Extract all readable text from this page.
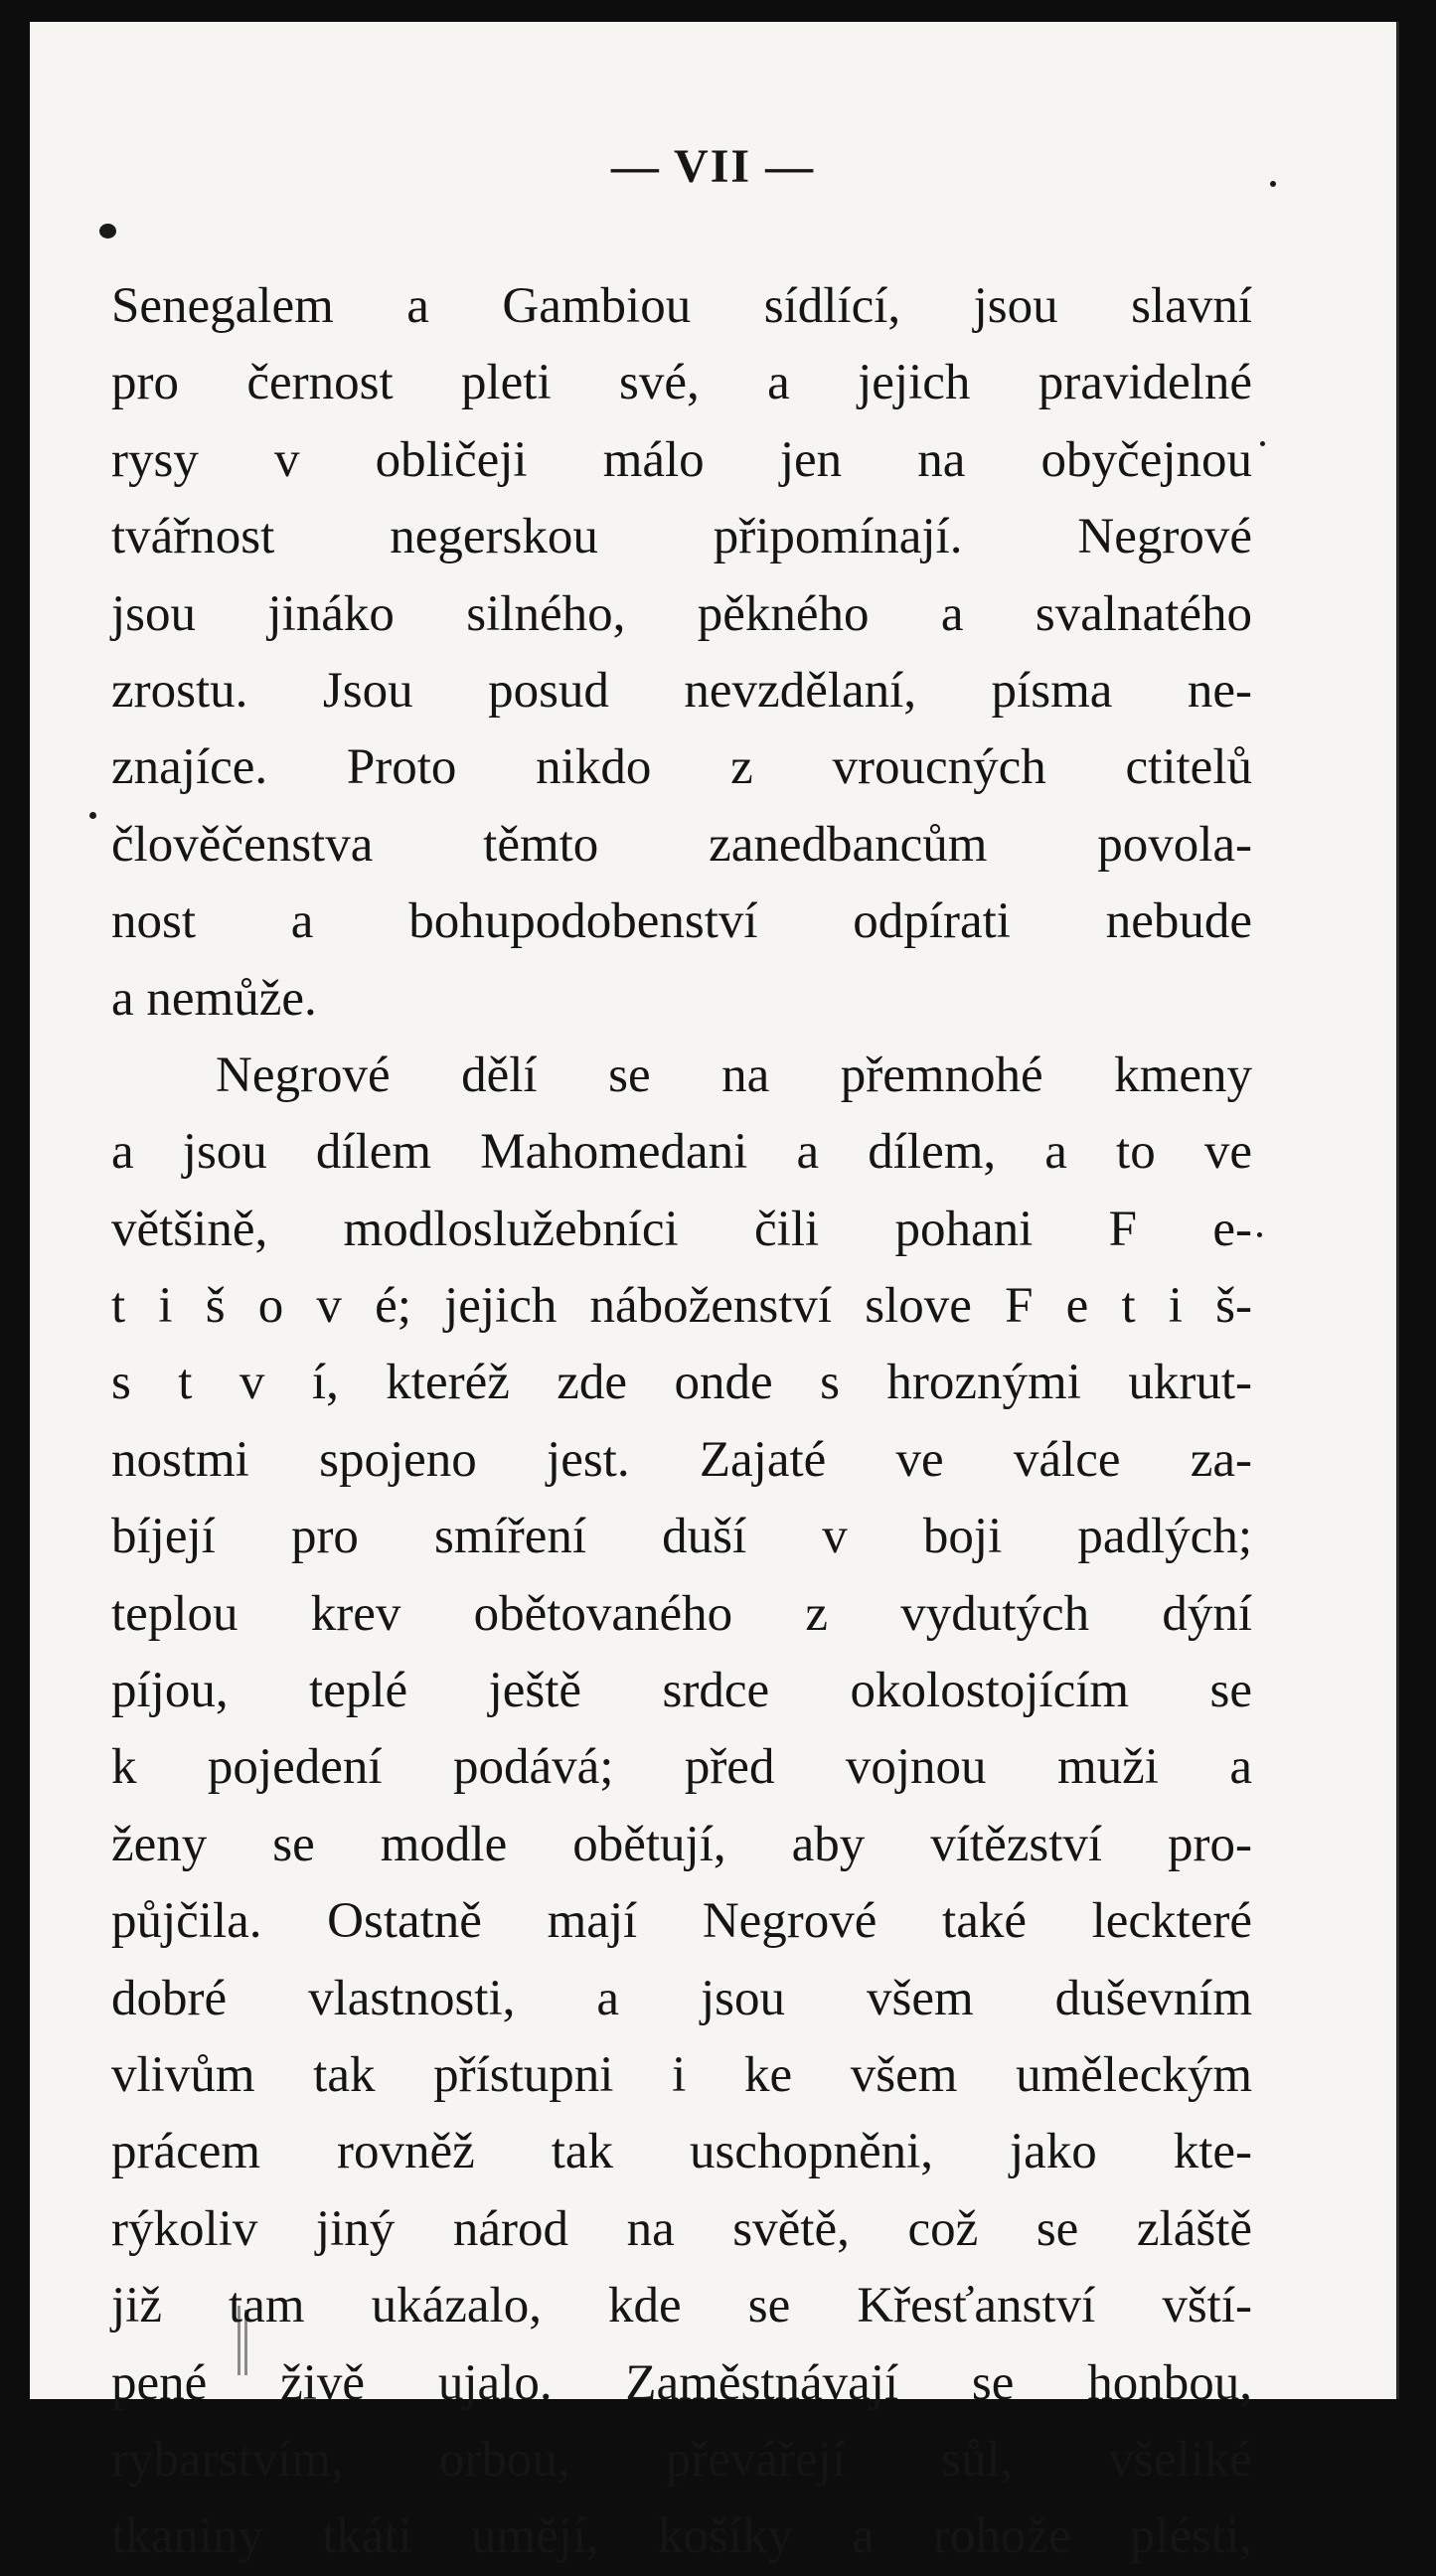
— VII —
Senegalem a Gambiou sídlící, jsou slavní
pro černost pleti své, a jejich pravidelné
rysy v obličeji málo jen na obyčejnou
tvářnost negerskou připomínají. Negrové
jsou jináko silného, pěkného a svalnatého
zrostu. Jsou posud nevzdělaní, písma ne-
znajíce. Proto nikdo z vroucných ctitelů
člověčenstva těmto zanedbancům povola-
nost a bohupodobenství odpírati nebude
a nemůže.
Negrové dělí se na přemnohé kmeny
a jsou dílem Mahomedani a dílem, a to ve
většině, modloslužebníci čili pohani F e-
t i š o v é; jejich náboženství slove F e t i š-
s t v í, kteréž zde onde s hroznými ukrut-
nostmi spojeno jest. Zajaté ve válce za-
bíjejí pro smíření duší v boji padlých;
teplou krev obětovaného z vydutých dýní
píjou, teplé ještě srdce okolostojícím se
k pojedení podává; před vojnou muži a
ženy se modle obětují, aby vítězství pro-
půjčila. Ostatně mají Negrové také leckteré
dobré vlastnosti, a jsou všem duševním
vlivům tak přístupni i ke všem uměleckým
prácem rovněž tak uschopněni, jako kte-
rýkoliv jiný národ na světě, což se zláště
již tam ukázalo, kde se Křesťanství vští-
pené živě ujalo. Zaměstnávají se honbou,
rybarstvím, orbou, převářejí sůl, všeliké
tkaniny tkáti umějí, košíky a rohože plésti,
